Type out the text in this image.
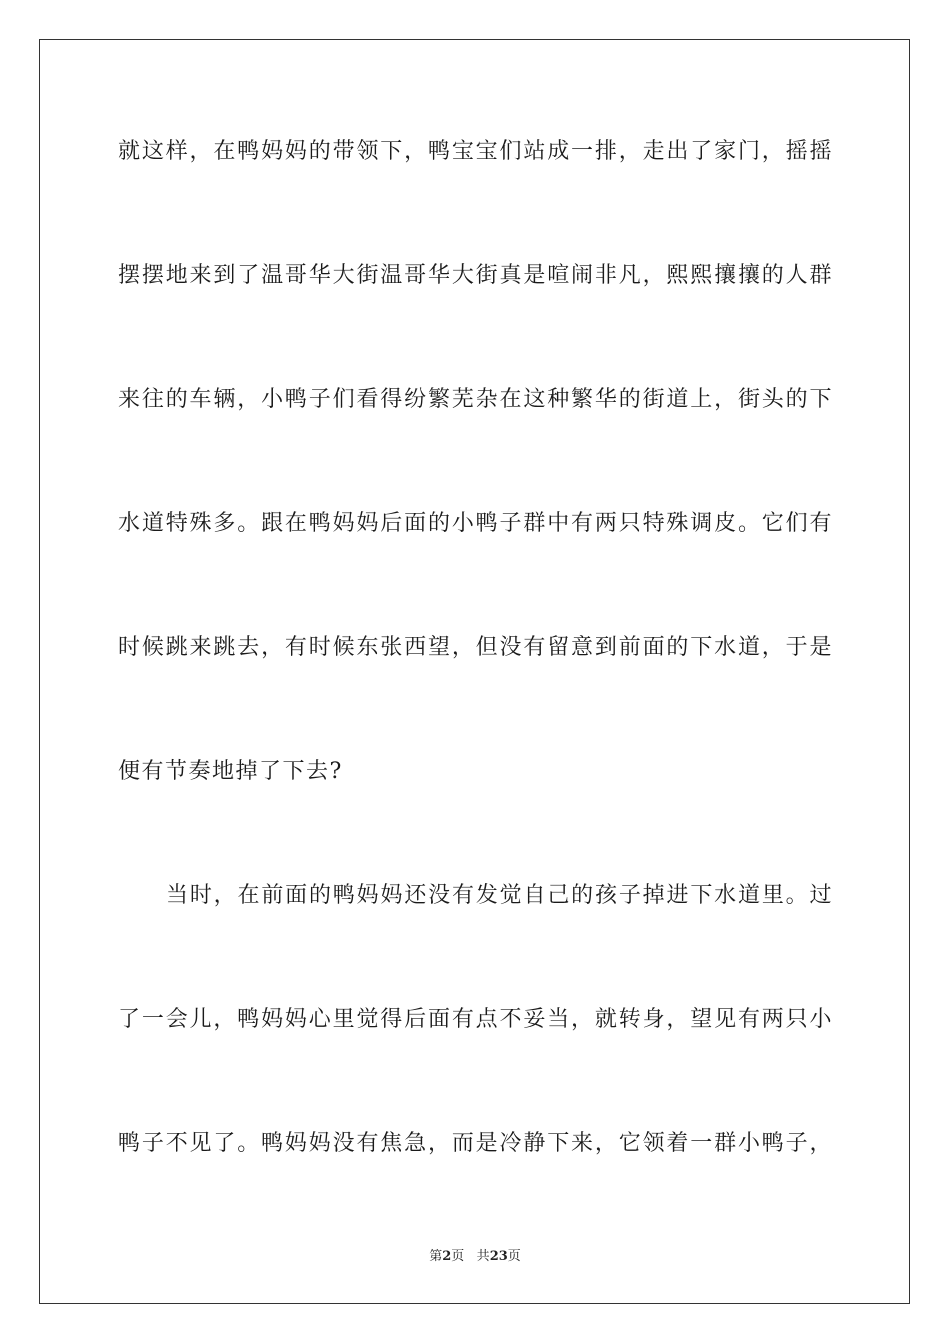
就这样，在鸭妈妈的带领下，鸭宝宝们站成一排，走出了家门，摇摇
摆摆地来到了温哥华大街温哥华大街真是喧闹非凡，熙熙攘攘的人群
来往的车辆，小鸭子们看得纷繁芜杂在这种繁华的街道上，街头的下
水道特殊多。跟在鸭妈妈后面的小鸭子群中有两只特殊调皮。它们有
时候跳来跳去，有时候东张西望，但没有留意到前面的下水道，于是
便有节奏地掉了下去?
当时，在前面的鸭妈妈还没有发觉自己的孩子掉进下水道里。过
了一会儿，鸭妈妈心里觉得后面有点不妥当，就转身，望见有两只小
鸭子不见了。鸭妈妈没有焦急，而是冷静下来，它领着一群小鸭子，
第2页 共23页
